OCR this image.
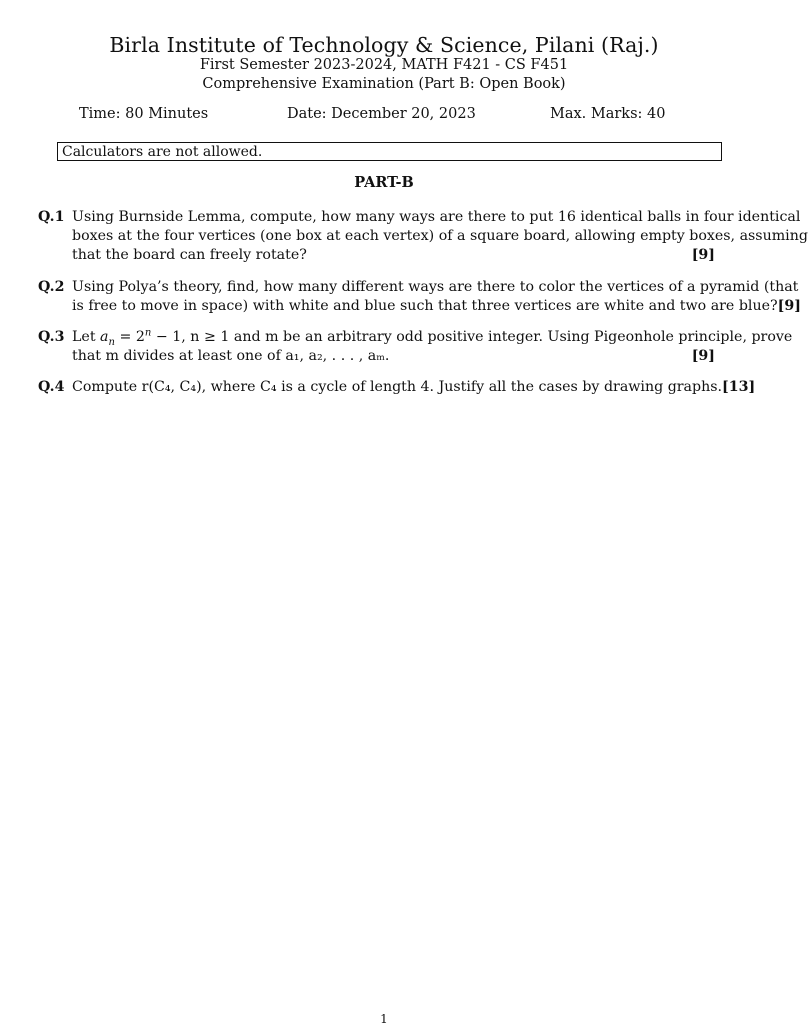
Birla Institute of Technology & Science, Pilani (Raj.)
First Semester 2023-2024, MATH F421 - CS F451
Comprehensive Examination (Part B: Open Book)
Time: 80 Minutes	Date: December 20, 2023	Max. Marks: 40
Calculators are not allowed.
PART-B
Q.1 Using Burnside Lemma, compute, how many ways are there to put 16 identical balls in four identical
boxes at the four vertices (one box at each vertex) of a square board, allowing empty boxes, assuming
that the board can freely rotate?	[9]
Q.2 Using Polya’s theory, find, how many different ways are there to color the vertices of a pyramid (that
is free to move in space) with white and blue such that three vertices are white and two are blue? [9]
Q.3 Let $a_n = 2^n - 1$, n ≥ 1 and m be an arbitrary odd positive integer. Using Pigeonhole principle, prove
that m divides at least one of a₁, a₂, . . . , aₘ.	[9]
Q.4 Compute r(C₄, C₄), where C₄ is a cycle of length 4. Justify all the cases by drawing graphs. [13]
1
